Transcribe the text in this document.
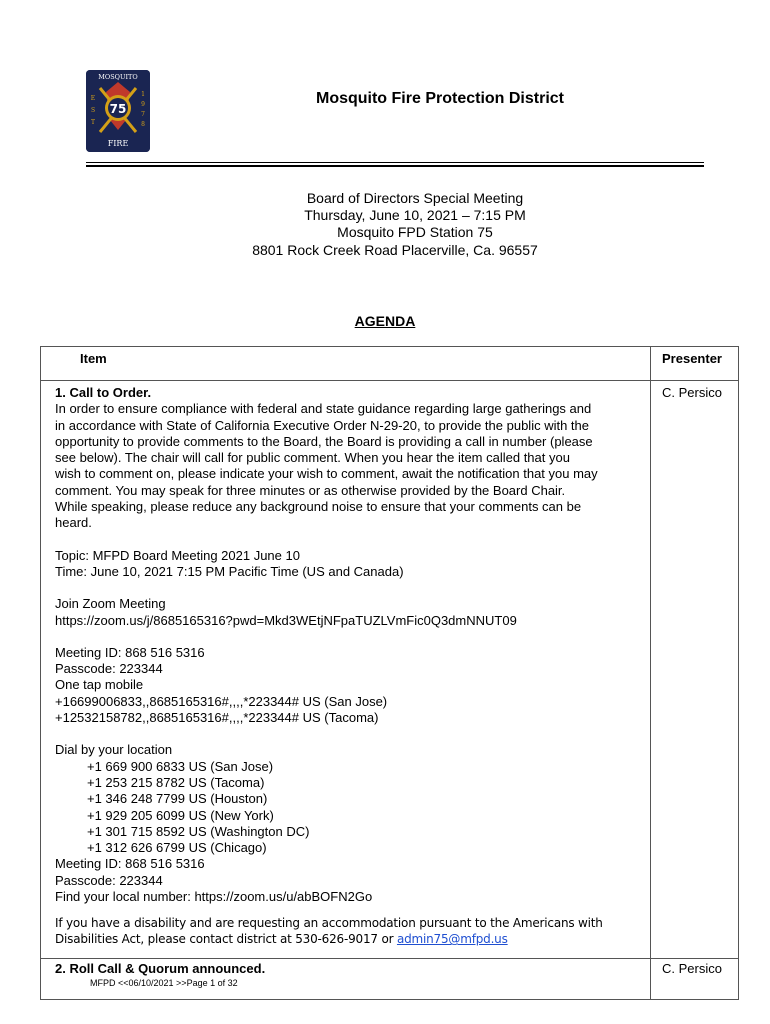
75
MOSQUITO
FIRE
E
S
T
1
9
7
8
Mosquito Fire Protection District
Board of Directors Special Meeting
Thursday, June 10, 2021 – 7:15 PM
Mosquito FPD Station 75
8801 Rock Creek Road Placerville, Ca. 96557
AGENDA
Item	Presenter
1. Call to Order.
In order to ensure compliance with federal and state guidance regarding large gatherings and
in accordance with State of California Executive Order N-29-20, to provide the public with the
opportunity to provide comments to the Board, the Board is providing a call in number (please
see below). The chair will call for public comment. When you hear the item called that you
wish to comment on, please indicate your wish to comment, await the notification that you may
comment. You may speak for three minutes or as otherwise provided by the Board Chair.
While speaking, please reduce any background noise to ensure that your comments can be
heard.
Topic: MFPD Board Meeting 2021 June 10
Time: June 10, 2021 7:15 PM Pacific Time (US and Canada)
Join Zoom Meeting
https://zoom.us/j/8685165316?pwd=Mkd3WEtjNFpaTUZLVmFic0Q3dmNNUT09
Meeting ID: 868 516 5316
Passcode: 223344
One tap mobile
+16699006833,,8685165316#,,,,*223344# US (San Jose)
+12532158782,,8685165316#,,,,*223344# US (Tacoma)
Dial by your location
+1 669 900 6833 US (San Jose)
+1 253 215 8782 US (Tacoma)
+1 346 248 7799 US (Houston)
+1 929 205 6099 US (New York)
+1 301 715 8592 US (Washington DC)
+1 312 626 6799 US (Chicago)
Meeting ID: 868 516 5316
Passcode: 223344
Find your local number: https://zoom.us/u/abBOFN2Go
If you have a disability and are requesting an accommodation pursuant to the Americans with
Disabilities Act, please contact district at 530-626-9017 or admin75@mfpd.us
C. Persico
2. Roll Call & Quorum announced.	C. Persico
MFPD <<06/10/2021 >>Page 1 of 32
